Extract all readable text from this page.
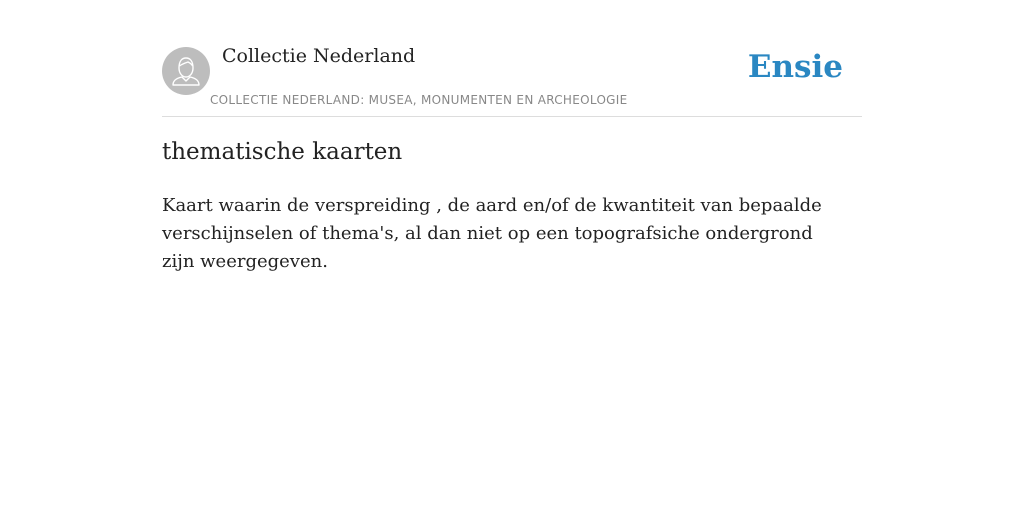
Collectie Nederland
COLLECTIE NEDERLAND: MUSEA, MONUMENTEN EN ARCHEOLOGIE
Ensie
thematische kaarten

Kaart waarin de verspreiding , de aard en/of de kwantiteit van bepaalde verschijnselen of thema's, al dan niet op een topografsiche ondergrond zijn weergegeven.
